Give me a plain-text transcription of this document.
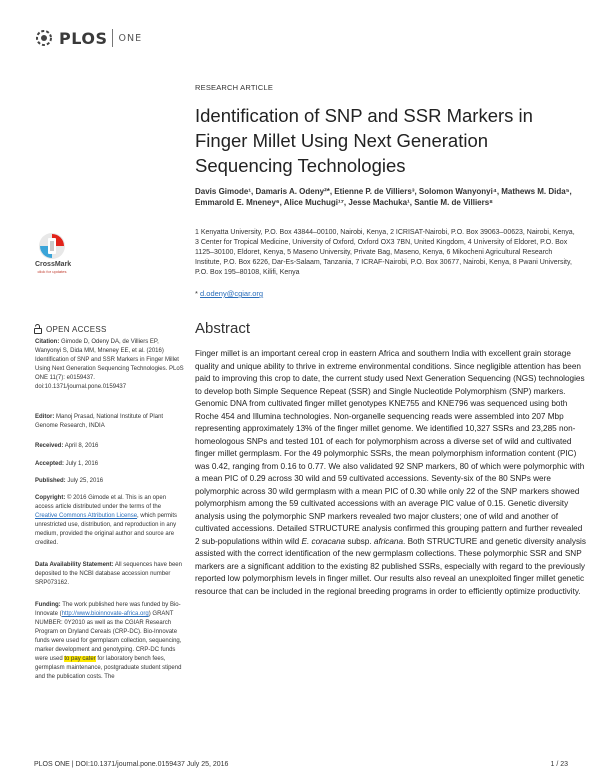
PLOS ONE
RESEARCH ARTICLE
Identification of SNP and SSR Markers in Finger Millet Using Next Generation Sequencing Technologies
Davis Gimode¹, Damaris A. Odeny²*, Etienne P. de Villiers³, Solomon Wanyonyi⁴, Mathews M. Dida⁵, Emmarold E. Mneney⁶, Alice Muchugi¹⁷, Jesse Machuka¹, Santie M. de Villiers⁸
1 Kenyatta University, P.O. Box 43844–00100, Nairobi, Kenya, 2 ICRISAT-Nairobi, P.O. Box 39063–00623, Nairobi, Kenya, 3 Center for Tropical Medicine, University of Oxford, Oxford OX3 7BN, United Kingdom, 4 University of Eldoret, P.O. Box 1125–30100, Eldoret, Kenya, 5 Maseno University, Private Bag, Maseno, Kenya, 6 Mikocheni Agricultural Research Institute, P.O. Box 6226, Dar-Es-Salaam, Tanzania, 7 ICRAF-Nairobi, P.O. Box 30677, Nairobi, Kenya, 8 Pwani University, P.O. Box 195–80108, Kilifi, Kenya
* d.odeny@cgiar.org
CrossMark
click for updates
OPEN ACCESS
Citation: Gimode D, Odeny DA, de Villiers EP, Wanyonyi S, Dida MM, Mneney EE, et al. (2016) Identification of SNP and SSR Markers in Finger Millet Using Next Generation Sequencing Technologies. PLoS ONE 11(7): e0159437. doi:10.1371/journal.pone.0159437
Editor: Manoj Prasad, National Institute of Plant Genome Research, INDIA
Received: April 8, 2016
Accepted: July 1, 2016
Published: July 25, 2016
Copyright: © 2016 Gimode et al. This is an open access article distributed under the terms of the Creative Commons Attribution License, which permits unrestricted use, distribution, and reproduction in any medium, provided the original author and source are credited.
Data Availability Statement: All sequences have been deposited to the NCBI database accession number SRP073162.
Funding: The work published here was funded by Bio-Innovate (http://www.bioinnovate-africa.org) GRANT NUMBER: 0Y2010 as well as the CGIAR Research Program on Dryland Cereals (CRP-DC). Bio-Innovate funds were used for germplasm collection, sequencing, marker development and genotyping. CRP-DC funds were used to pay cater for laboratory bench fees, germplasm maintenance, postgraduate student stipend and the publication costs. The
Abstract

Finger millet is an important cereal crop in eastern Africa and southern India with excellent grain storage quality and unique ability to thrive in extreme environmental conditions. Since negligible attention has been paid to improving this crop to date, the current study used Next Generation Sequencing (NGS) technologies to develop both Simple Sequence Repeat (SSR) and Single Nucleotide Polymorphism (SNP) markers. Genomic DNA from cultivated finger millet genotypes KNE755 and KNE796 was sequenced using both Roche 454 and Illumina technologies. Non-organelle sequencing reads were assembled into 207 Mbp representing approximately 13% of the finger millet genome. We identified 10,327 SSRs and 23,285 non-homeologous SNPs and tested 101 of each for polymorphism across a diverse set of wild and cultivated finger millet germplasm. For the 49 polymorphic SSRs, the mean polymorphism information content (PIC) was 0.42, ranging from 0.16 to 0.77. We also validated 92 SNP markers, 80 of which were polymorphic with a mean PIC of 0.29 across 30 wild and 59 cultivated accessions. Seventy-six of the 80 SNPs were polymorphic across 30 wild germplasm with a mean PIC of 0.30 while only 22 of the SNP markers showed polymorphism among the 59 cultivated accessions with an average PIC value of 0.15. Genetic diversity analysis using the polymorphic SNP markers revealed two major clusters; one of wild and another of cultivated accessions. Detailed STRUCTURE analysis confirmed this grouping pattern and further revealed 2 sub-populations within wild E. coracana subsp. africana. Both STRUCTURE and genetic diversity analysis assisted with the correct identification of the new germplasm collections. These polymorphic SSR and SNP markers are a significant addition to the existing 82 published SSRs, especially with regard to the previously reported low polymorphism levels in finger millet. Our results also reveal an unexploited finger millet genetic resource that can be included in the regional breeding programs in order to efficiently optimize productivity.

PLOS ONE | DOI:10.1371/journal.pone.0159437 July 25, 2016	1 / 23
